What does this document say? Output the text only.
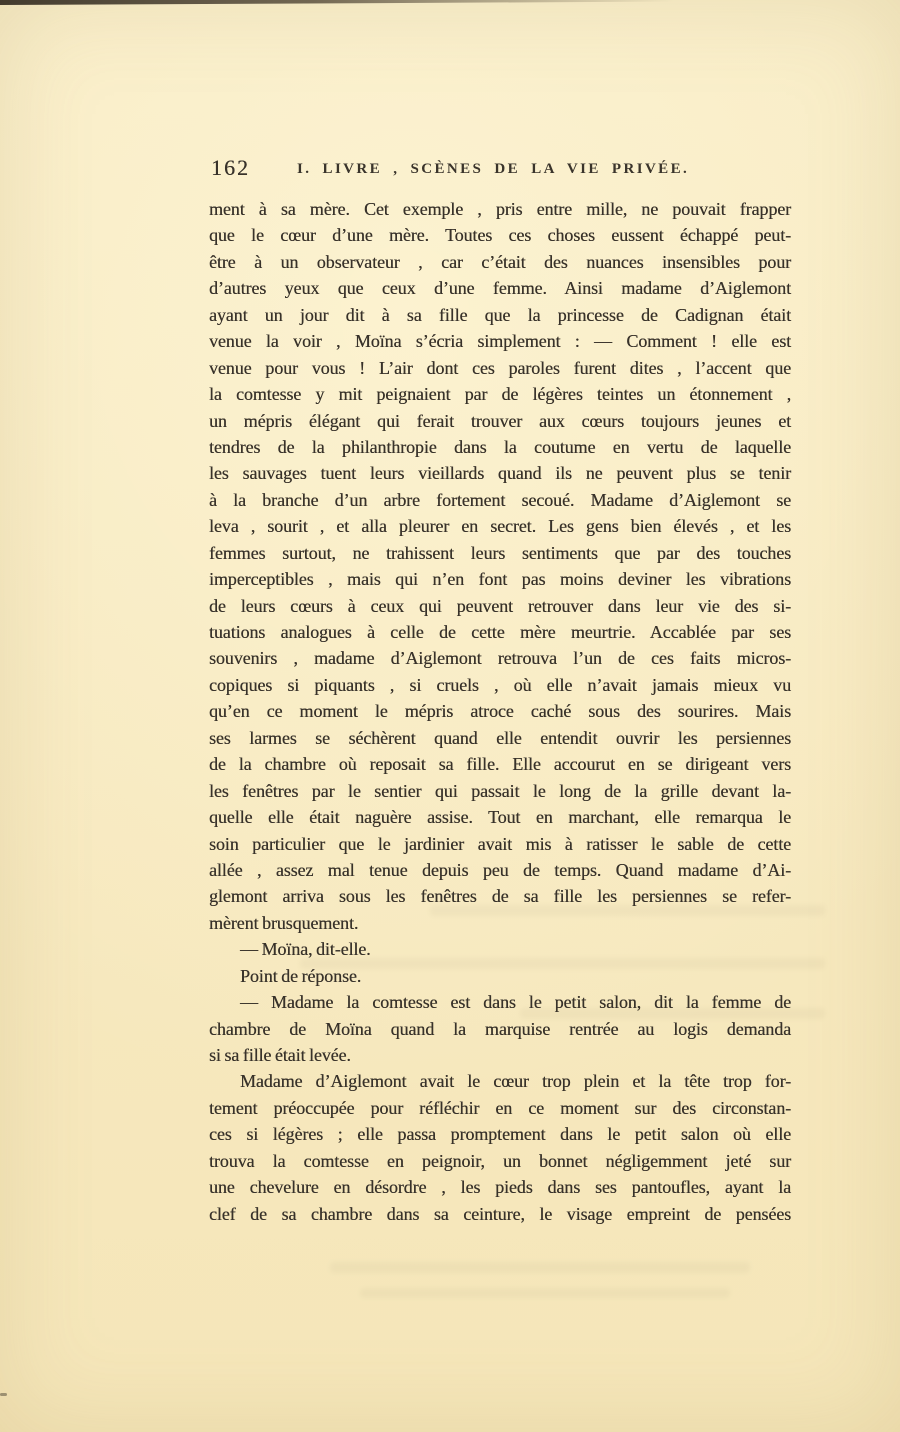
162	I. LIVRE , SCÈNES DE LA VIE PRIVÉE.
ment à sa mère. Cet exemple , pris entre mille, ne pouvait frapper
que le cœur d’une mère. Toutes ces choses eussent échappé peut-
être à un observateur , car c’était des nuances insensibles pour
d’autres yeux que ceux d’une femme. Ainsi madame d’Aiglemont
ayant un jour dit à sa fille que la princesse de Cadignan était
venue la voir , Moïna s’écria simplement : — Comment ! elle est
venue pour vous ! L’air dont ces paroles furent dites , l’accent que
la comtesse y mit peignaient par de légères teintes un étonnement ,
un mépris élégant qui ferait trouver aux cœurs toujours jeunes et
tendres de la philanthropie dans la coutume en vertu de laquelle
les sauvages tuent leurs vieillards quand ils ne peuvent plus se tenir
à la branche d’un arbre fortement secoué. Madame d’Aiglemont se
leva , sourit , et alla pleurer en secret. Les gens bien élevés , et les
femmes surtout, ne trahissent leurs sentiments que par des touches
imperceptibles , mais qui n’en font pas moins deviner les vibrations
de leurs cœurs à ceux qui peuvent retrouver dans leur vie des si-
tuations analogues à celle de cette mère meurtrie. Accablée par ses
souvenirs , madame d’Aiglemont retrouva l’un de ces faits micros-
copiques si piquants , si cruels , où elle n’avait jamais mieux vu
qu’en ce moment le mépris atroce caché sous des sourires. Mais
ses larmes se séchèrent quand elle entendit ouvrir les persiennes
de la chambre où reposait sa fille. Elle accourut en se dirigeant vers
les fenêtres par le sentier qui passait le long de la grille devant la-
quelle elle était naguère assise. Tout en marchant, elle remarqua le
soin particulier que le jardinier avait mis à ratisser le sable de cette
allée , assez mal tenue depuis peu de temps. Quand madame d’Ai-
glemont arriva sous les fenêtres de sa fille les persiennes se refer-
mèrent brusquement.
— Moïna, dit-elle.
Point de réponse.
— Madame la comtesse est dans le petit salon, dit la femme de
chambre de Moïna quand la marquise rentrée au logis demanda
si sa fille était levée.
Madame d’Aiglemont avait le cœur trop plein et la tête trop for-
tement préoccupée pour réfléchir en ce moment sur des circonstan-
ces si légères ; elle passa promptement dans le petit salon où elle
trouva la comtesse en peignoir, un bonnet négligemment jeté sur
une chevelure en désordre , les pieds dans ses pantoufles, ayant la
clef de sa chambre dans sa ceinture, le visage empreint de pensées
